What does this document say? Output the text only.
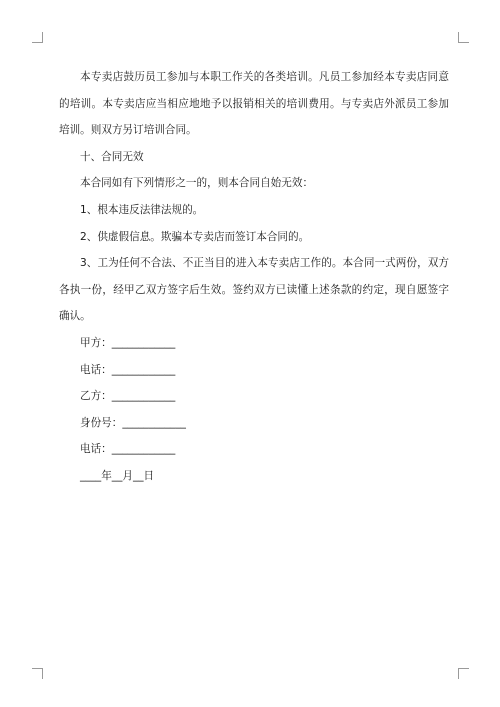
本专卖店鼓历员工参加与本职工作关的各类培训。凡员工参加经本专卖店同意的培训。本专卖店应当相应地地予以报销相关的培训费用。与专卖店外派员工参加培训。则双方另订培训合同。

十、合同无效

本合同如有下列情形之一的，则本合同自始无效：

1、根本违反法律法规的。

2、供虚假信息。欺骗本专卖店而签订本合同的。

3、工为任何不合法、不正当目的进入本专卖店工作的。本合同一式两份，双方各执一份，经甲乙双方签字后生效。签约双方已读懂上述条款的约定，现自愿签字确认。

甲方：____________

电话：____________

乙方：____________

身份号：____________

电话：____________

____年__月__日
